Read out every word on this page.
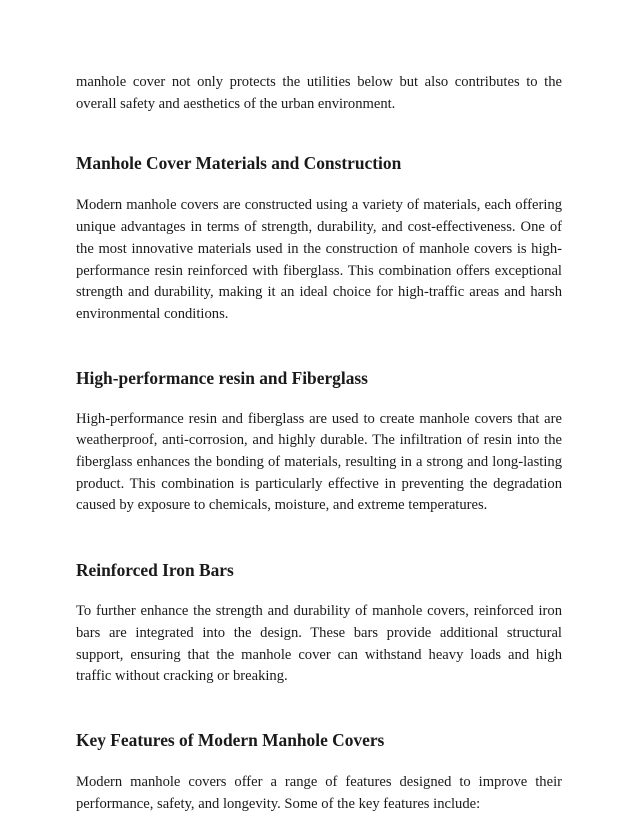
manhole cover not only protects the utilities below but also contributes to the overall safety and aesthetics of the urban environment.

Manhole Cover Materials and Construction

Modern manhole covers are constructed using a variety of materials, each offering unique advantages in terms of strength, durability, and cost-effectiveness. One of the most innovative materials used in the construction of manhole covers is high-performance resin reinforced with fiberglass. This combination offers exceptional strength and durability, making it an ideal choice for high-traffic areas and harsh environmental conditions.

High-performance resin and Fiberglass

High-performance resin and fiberglass are used to create manhole covers that are weatherproof, anti-corrosion, and highly durable. The infiltration of resin into the fiberglass enhances the bonding of materials, resulting in a strong and long-lasting product. This combination is particularly effective in preventing the degradation caused by exposure to chemicals, moisture, and extreme temperatures.

Reinforced Iron Bars

To further enhance the strength and durability of manhole covers, reinforced iron bars are integrated into the design. These bars provide additional structural support, ensuring that the manhole cover can withstand heavy loads and high traffic without cracking or breaking.

Key Features of Modern Manhole Covers

Modern manhole covers offer a range of features designed to improve their performance, safety, and longevity. Some of the key features include:
